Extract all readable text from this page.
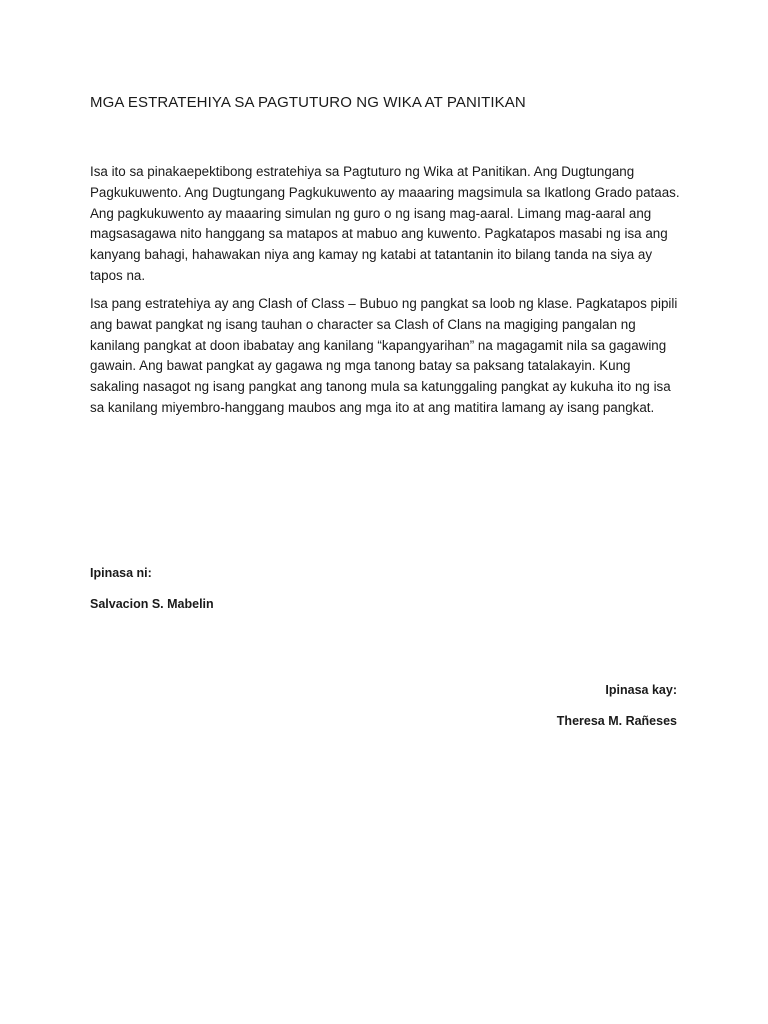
MGA ESTRATEHIYA SA PAGTUTURO NG WIKA AT PANITIKAN

Isa ito sa pinakaepektibong estratehiya sa Pagtuturo ng Wika at Panitikan. Ang Dugtungang Pagkukuwento. Ang Dugtungang Pagkukuwento ay maaaring magsimula sa Ikatlong Grado pataas. Ang pagkukuwento ay maaaring simulan ng guro o ng isang mag-aaral. Limang mag-aaral ang magsasagawa nito hanggang sa matapos at mabuo ang kuwento. Pagkatapos masabi ng isa ang kanyang bahagi, hahawakan niya ang kamay ng katabi at tatantanin ito bilang tanda na siya ay tapos na.

Isa pang estratehiya ay ang Clash of Class – Bubuo ng pangkat sa loob ng klase. Pagkatapos pipili ang bawat pangkat ng isang tauhan o character sa Clash of Clans na magiging pangalan ng kanilang pangkat at doon ibabatay ang kanilang “kapangyarihan” na magagamit nila sa gagawing gawain. Ang bawat pangkat ay gagawa ng mga tanong batay sa paksang tatalakayin. Kung sakaling nasagot ng isang pangkat ang tanong mula sa katunggaling pangkat ay kukuha ito ng isa sa kanilang miyembro-hanggang maubos ang mga ito at ang matitira lamang ay isang pangkat.

Ipinasa ni:

Salvacion S. Mabelin

Ipinasa kay:

Theresa M. Rañeses
